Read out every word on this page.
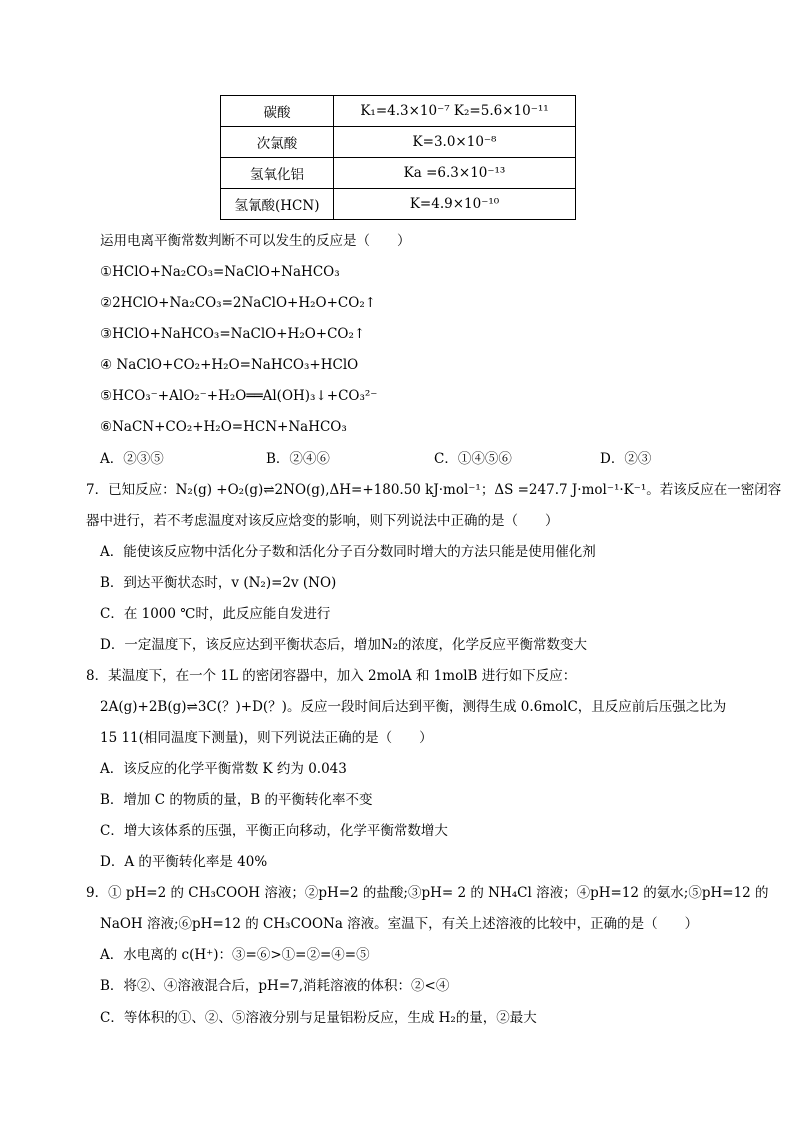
碳酸	K₁=4.3×10⁻⁷ K₂=5.6×10⁻¹¹
次氯酸	K=3.0×10⁻⁸
氢氧化铝	Ka =6.3×10⁻¹³
氢氰酸(HCN)	K=4.9×10⁻¹⁰
运用电离平衡常数判断不可以发生的反应是（　　）
①HClO+Na₂CO₃=NaClO+NaHCO₃
②2HClO+Na₂CO₃=2NaClO+H₂O+CO₂↑
③HClO+NaHCO₃=NaClO+H₂O+CO₂↑
④ NaClO+CO₂+H₂O=NaHCO₃+HClO
⑤HCO₃⁻+AlO₂⁻+H₂O══Al(OH)₃↓+CO₃²⁻
⑥NaCN+CO₂+H₂O=HCN+NaHCO₃
A．②③⑤	B．②④⑥	C．①④⑤⑥	D．②③
7．已知反应：N₂(g) +O₂(g)⇌2NO(g),ΔH=+180.50 kJ·mol⁻¹；ΔS =247.7 J·mol⁻¹·K⁻¹。若该反应在一密闭容
器中进行，若不考虑温度对该反应焓变的影响，则下列说法中正确的是（　　）
A．能使该反应物中活化分子数和活化分子百分数同时增大的方法只能是使用催化剂
B．到达平衡状态时，v (N₂)=2v (NO)
C．在 1000 ℃时，此反应能自发进行
D．一定温度下，该反应达到平衡状态后，增加N₂的浓度，化学反应平衡常数变大
8．某温度下，在一个 1L 的密闭容器中，加入 2molA 和 1molB 进行如下反应：
2A(g)+2B(g)⇌3C(？)+D(？)。反应一段时间后达到平衡，测得生成 0.6molC，且反应前后压强之比为
15 11(相同温度下测量)，则下列说法正确的是（　　）
A．该反应的化学平衡常数 K 约为 0.043
B．增加 C 的物质的量，B 的平衡转化率不变
C．增大该体系的压强，平衡正向移动，化学平衡常数增大
D．A 的平衡转化率是 40%
9．① pH=2 的 CH₃COOH 溶液；②pH=2 的盐酸;③pH= 2 的 NH₄Cl 溶液；④pH=12 的氨水;⑤pH=12 的
NaOH 溶液;⑥pH=12 的 CH₃COONa 溶液。室温下，有关上述溶液的比较中，正确的是（　　）
A．水电离的 c(H⁺)：③=⑥>①=②=④=⑤
B．将②、④溶液混合后，pH=7,消耗溶液的体积：②<④
C．等体积的①、②、⑤溶液分别与足量铝粉反应，生成 H₂的量，②最大
